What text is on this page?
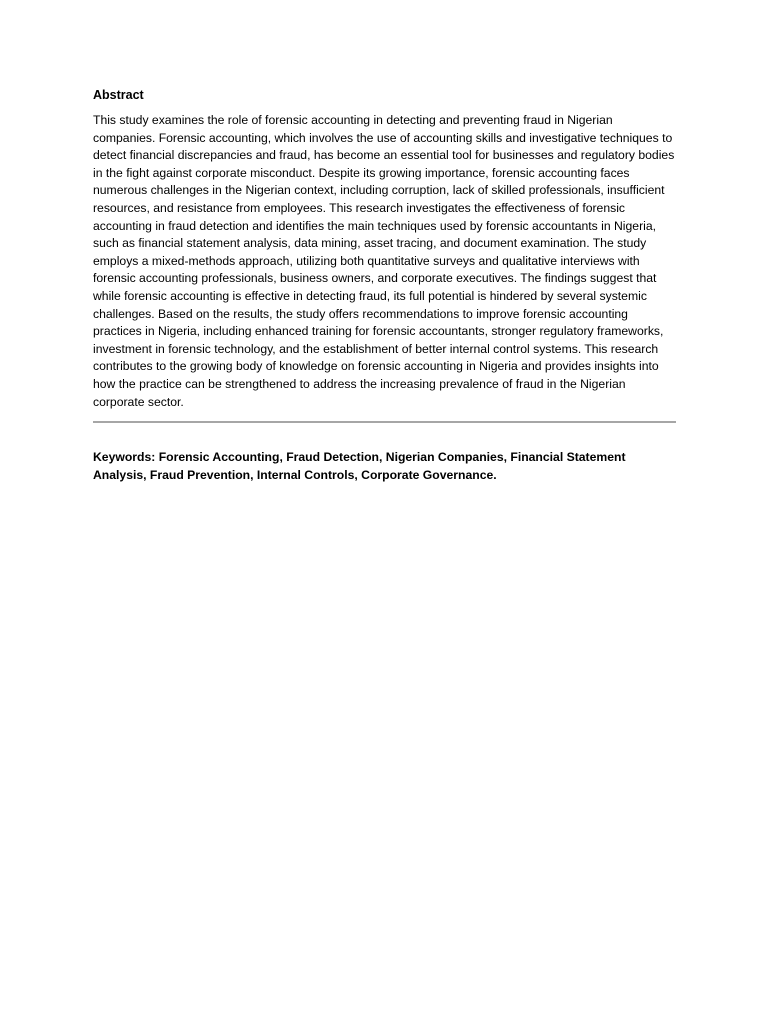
Abstract

This study examines the role of forensic accounting in detecting and preventing fraud in Nigerian companies. Forensic accounting, which involves the use of accounting skills and investigative techniques to detect financial discrepancies and fraud, has become an essential tool for businesses and regulatory bodies in the fight against corporate misconduct. Despite its growing importance, forensic accounting faces numerous challenges in the Nigerian context, including corruption, lack of skilled professionals, insufficient resources, and resistance from employees. This research investigates the effectiveness of forensic accounting in fraud detection and identifies the main techniques used by forensic accountants in Nigeria, such as financial statement analysis, data mining, asset tracing, and document examination. The study employs a mixed-methods approach, utilizing both quantitative surveys and qualitative interviews with forensic accounting professionals, business owners, and corporate executives. The findings suggest that while forensic accounting is effective in detecting fraud, its full potential is hindered by several systemic challenges. Based on the results, the study offers recommendations to improve forensic accounting practices in Nigeria, including enhanced training for forensic accountants, stronger regulatory frameworks, investment in forensic technology, and the establishment of better internal control systems. This research contributes to the growing body of knowledge on forensic accounting in Nigeria and provides insights into how the practice can be strengthened to address the increasing prevalence of fraud in the Nigerian corporate sector.

Keywords: Forensic Accounting, Fraud Detection, Nigerian Companies, Financial Statement Analysis, Fraud Prevention, Internal Controls, Corporate Governance.
